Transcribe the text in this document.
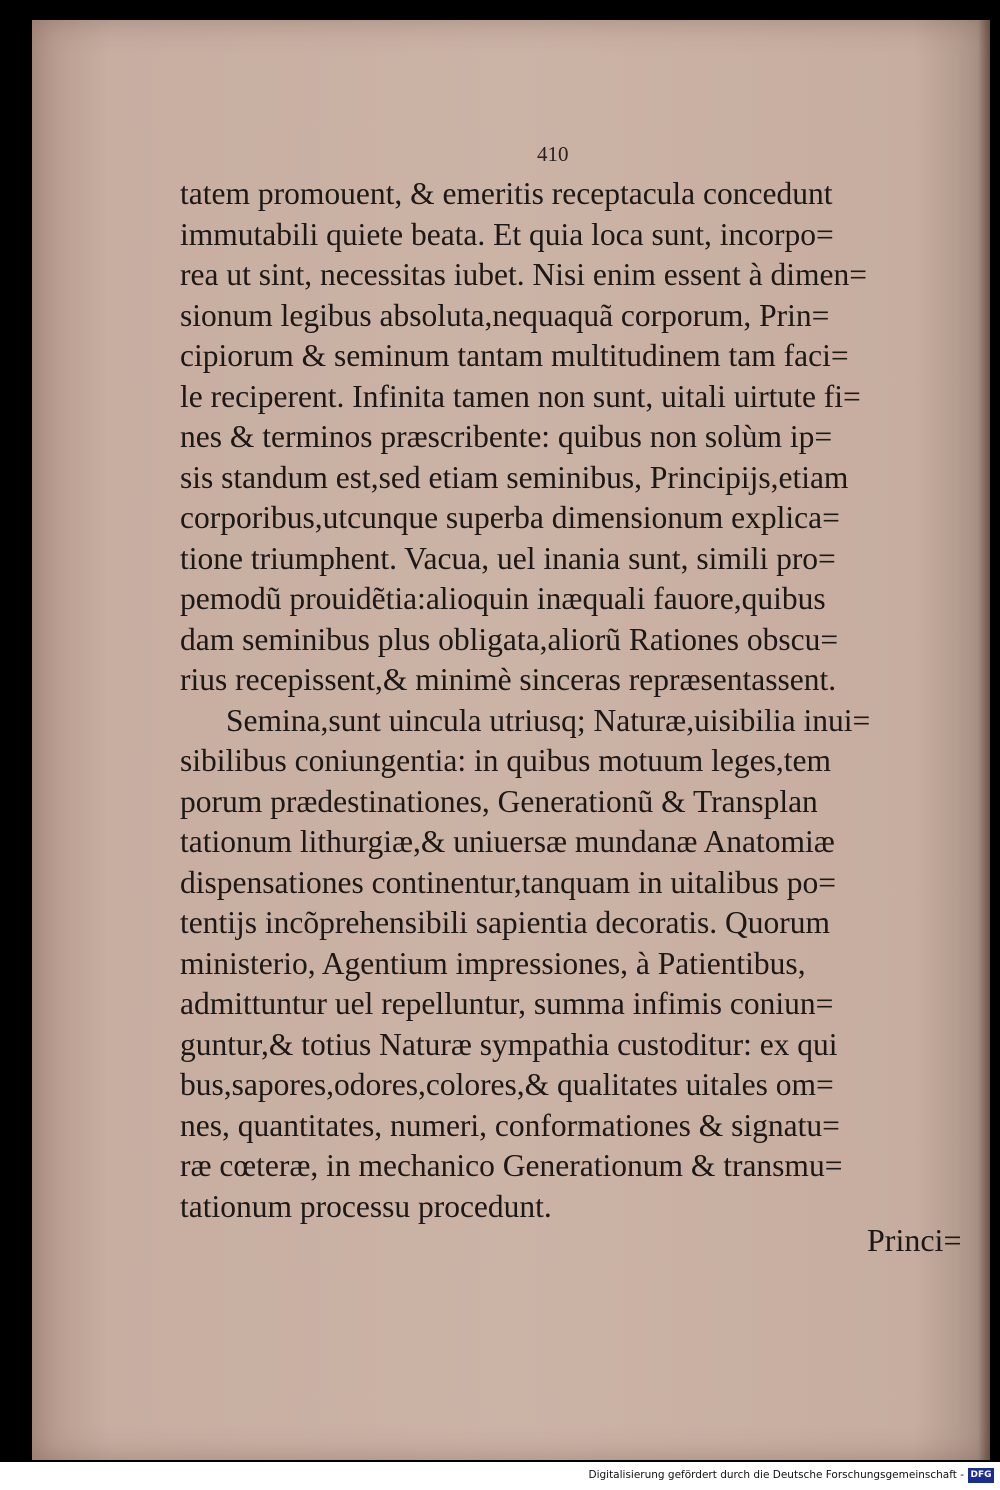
410
tatem promouent, & emeritis receptacula concedunt
immutabili quiete beata. Et quia loca sunt, incorpo=
rea ut sint, necessitas iubet. Nisi enim essent à dimen=
sionum legibus absoluta,nequaquã corporum, Prin=
cipiorum & seminum tantam multitudinem tam faci=
le reciperent. Infinita tamen non sunt, uitali uirtute fi=
nes & terminos præscribente: quibus non solùm ip=
sis standum est,sed etiam seminibus, Principijs,etiam
corporibus,utcunque superba dimensionum explica=
tione triumphent. Vacua, uel inania sunt, simili pro=
pemodũ prouidẽtia:alioquin inæquali fauore,quibus
dam seminibus plus obligata,aliorũ Rationes obscu=
rius recepissent,& minimè sinceras repræsentassent.
Semina,sunt uincula utriusq; Naturæ,uisibilia inui=
sibilibus coniungentia: in quibus motuum leges,tem
porum prædestinationes, Generationũ & Transplan
tationum lithurgiæ,& uniuersæ mundanæ Anatomiæ
dispensationes continentur,tanquam in uitalibus po=
tentijs incõprehensibili sapientia decoratis. Quorum
ministerio, Agentium impressiones, à Patientibus,
admittuntur uel repelluntur, summa infimis coniun=
guntur,& totius Naturæ sympathia custoditur: ex qui
bus,sapores,odores,colores,& qualitates uitales om=
nes, quantitates, numeri, conformationes & signatu=
ræ cœteræ, in mechanico Generationum & transmu=
tationum processu procedunt.
Princi=
Digitalisierung gefördert durch die Deutsche Forschungsgemeinschaft - DFG
